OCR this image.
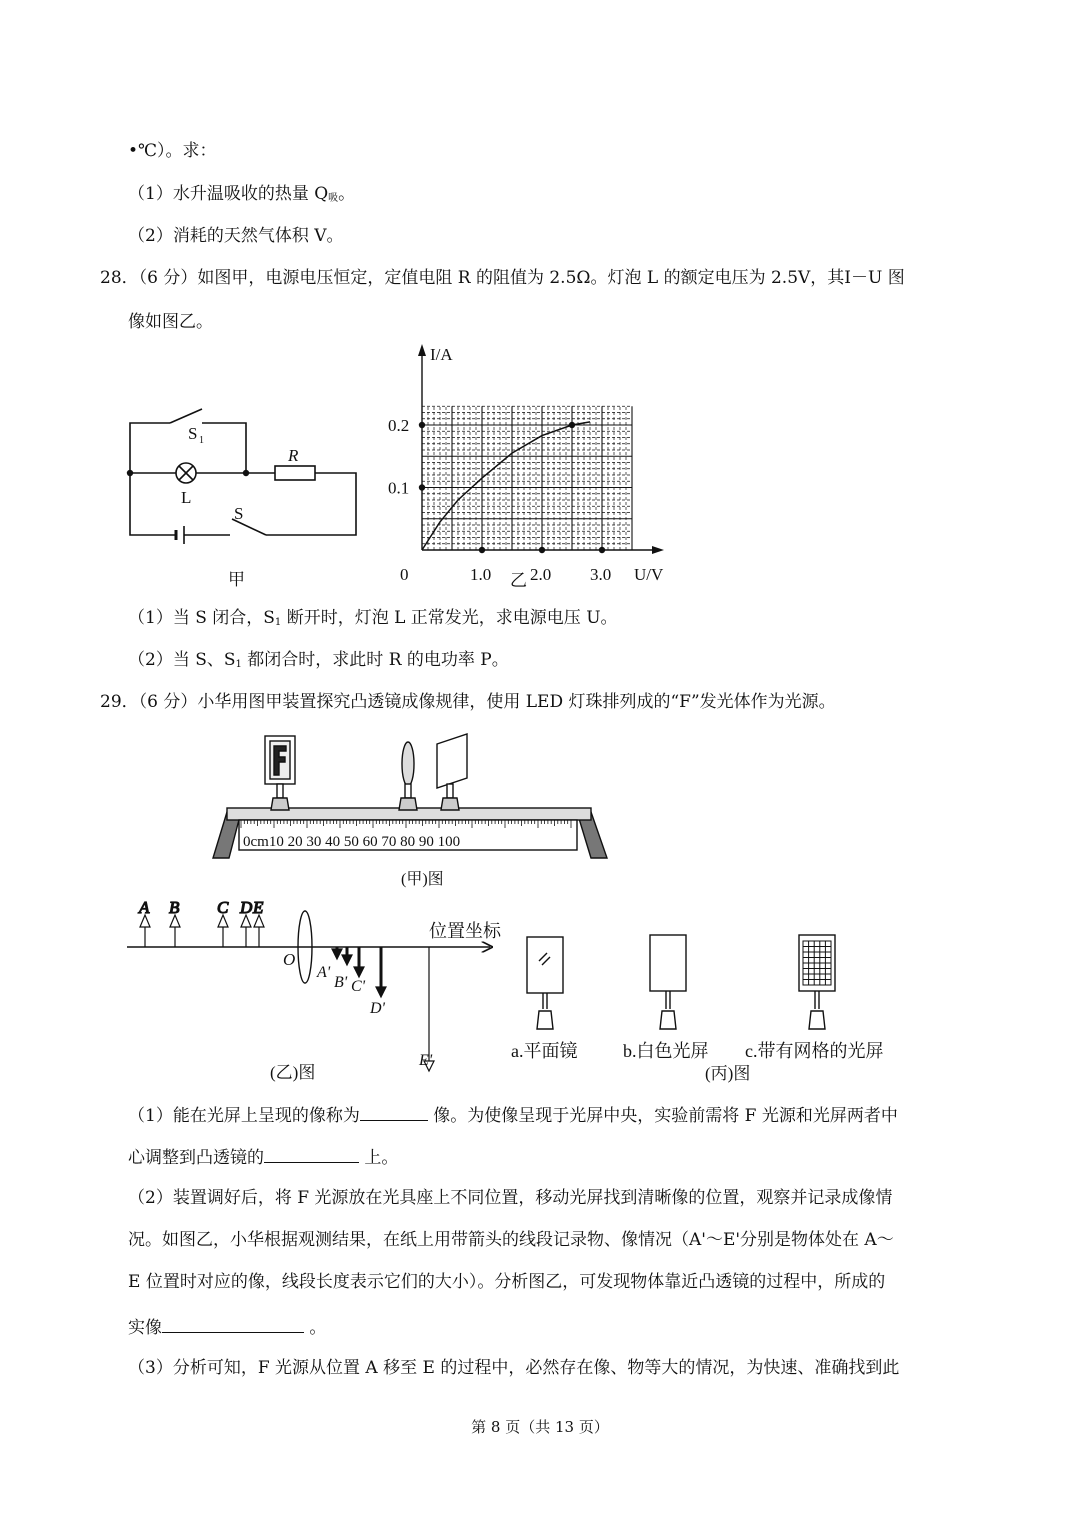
•℃）。求：
（1）水升温吸收的热量 $Q_吸$。
（2）消耗的天然气体积 V。
28．（6 分）如图甲，电源电压恒定，定值电阻 R 的阻值为 2.5Ω。灯泡 L 的额定电压为 2.5V，其Ⅰ－U 图
像如图乙。
S 1
L
R
S
甲
I/A
U/V
0	1.0 2.0 3.0
0.1
0.2
乙
（1）当 S 闭合，$S_1$ 断开时，灯泡 L 正常发光，求电源电压 U。
（2）当 S、$S_1$ 都闭合时，求此时 R 的电功率 P。
29．（6 分）小华用图甲装置探究凸透镜成像规律，使用 LED 灯珠排列成的“F”发光体作为光源。
0cm10 20 30 40 50 60 70 80 90 100
(甲)图
A B C D E
A'
B' C'
D'
E'
O
位置坐标
(乙)图
a.平面镜	b.白色光屏 c.带有网格的光屏
(丙)图
（1）能在光屏上呈现的像称为	像。为使像呈现于光屏中央，实验前需将 F 光源和光屏两者中
心调整到凸透镜的	上。
（2）装置调好后，将 F 光源放在光具座上不同位置，移动光屏找到清晰像的位置，观察并记录成像情
况。如图乙，小华根据观测结果，在纸上用带箭头的线段记录物、像情况（A'～E'分别是物体处在 A～
E 位置时对应的像，线段长度表示它们的大小）。分析图乙，可发现物体靠近凸透镜的过程中，所成的
实像	。
（3）分析可知，F 光源从位置 A 移至 E 的过程中，必然存在像、物等大的情况，为快速、准确找到此
第 8 页（共 13 页）
